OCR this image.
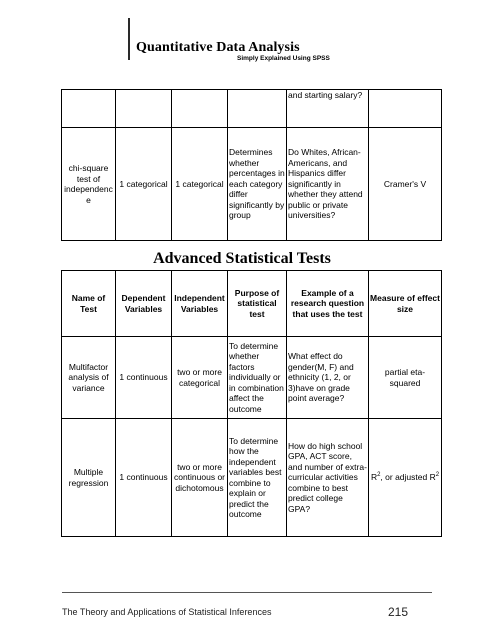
Quantitative Data Analysis
Simply Explained Using SPSS
				and starting salary?	
chi-square test of independence	1 categorical	1 categorical	Determines whether percentages in each category differ significantly by group	Do Whites, African-Americans, and Hispanics differ significantly in whether they attend public or private universities?	Cramer's V
Advanced Statistical Tests
Name of Test	Dependent Variables	Independent Variables	Purpose of statistical test	Example of a research question that uses the test	Measure of effect size
Multifactor analysis of variance	1 continuous	two or more categorical	To determine whether factors individually or in combination affect the outcome	What effect do gender(M, F) and ethnicity (1, 2, or 3)have on grade point average?	partial eta-squared
Multiple regression	1 continuous	two or more continuous or dichotomous	To determine how the independent variables best combine to explain or predict the outcome	How do high school GPA, ACT score, and number of extra-curricular activities combine to best predict college GPA?	$R^2$, or adjusted $R^2$
The Theory and Applications of Statistical Inferences	215
